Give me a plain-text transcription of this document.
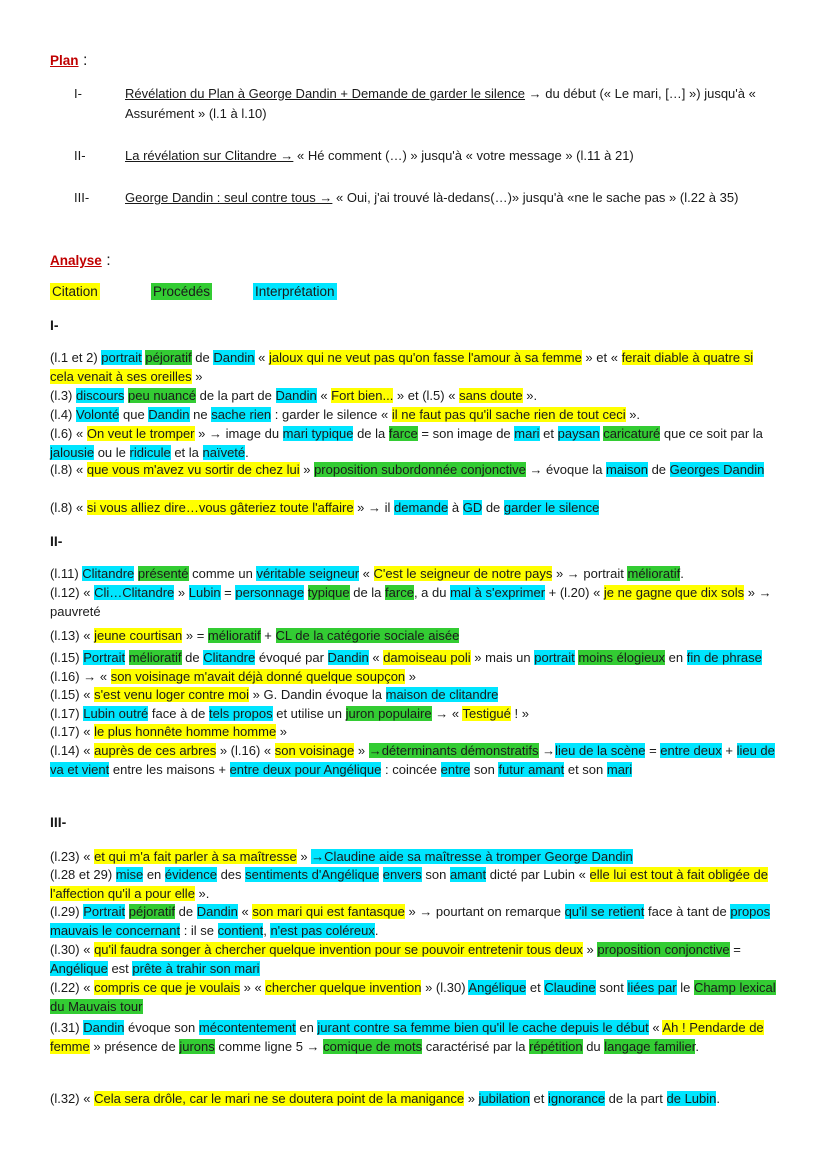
Plan :
I-	Révélation du Plan à George Dandin + Demande de garder le silence → du début (« Le mari, […] ») jusqu'à « Assurément » (l.1 à l.10)
II-	La révélation sur Clitandre → « Hé comment (…) » jusqu'à « votre message » (l.11 à 21)
III-	George Dandin : seul contre tous → « Oui, j'ai trouvé là-dedans(…)» jusqu'à «ne le sache pas » (l.22 à 35)
Analyse :
Citation	Procédés	Interprétation
I-
(l.1 et 2) portrait péjoratif de Dandin « jaloux qui ne veut pas qu'on fasse l'amour à sa femme » et « ferait diable à quatre si cela venait à ses oreilles »
(l.3) discours peu nuancé de la part de Dandin « Fort bien... » et (l.5) « sans doute ».
(l.4) Volonté que Dandin ne sache rien : garder le silence « il ne faut pas qu'il sache rien de tout ceci ».
(l.6) « On veut le tromper » → image du mari typique de la farce = son image de mari et paysan caricaturé que ce soit par la jalousie ou le ridicule et la naïveté.
(l.8) « que vous m'avez vu sortir de chez lui » proposition subordonnée conjonctive → évoque la maison de Georges Dandin
(l.8) « si vous alliez dire…vous gâteriez toute l'affaire » → il demande à GD de garder le silence
II-
(l.11) Clitandre présenté comme un véritable seigneur « C'est le seigneur de notre pays » → portrait mélioratif.
(l.12) « Cli…Clitandre » Lubin = personnage typique de la farce, a du mal à s'exprimer + (l.20) « je ne gagne que dix sols » → pauvreté
(l.13) « jeune courtisan » = mélioratif + CL de la catégorie sociale aisée
(l.15) Portrait mélioratif de Clitandre évoqué par Dandin « damoiseau poli » mais un portrait moins élogieux en fin de phrase (l.16) → « son voisinage m'avait déjà donné quelque soupçon »
(l.15) « s'est venu loger contre moi » G. Dandin évoque la maison de clitandre
(l.17) Lubin outré face à de tels propos et utilise un juron populaire → « Testigué ! »
(l.17) « le plus honnête homme homme »
(l.14) « auprès de ces arbres » (l.16) « son voisinage » →déterminants démonstratifs →lieu de la scène = entre deux + lieu de va et vient entre les maisons + entre deux pour Angélique : coincée entre son futur amant et son mari
III-
(l.23) « et qui m'a fait parler à sa maîtresse » →Claudine aide sa maîtresse à tromper George Dandin
(l.28 et 29) mise en évidence des sentiments d'Angélique envers son amant dicté par Lubin « elle lui est tout à fait obligée de l'affection qu'il a pour elle ».
(l.29) Portrait péjoratif de Dandin « son mari qui est fantasque » → pourtant on remarque qu'il se retient face à tant de propos mauvais le concernant : il se contient, n'est pas coléreux.
(l.30) « qu'il faudra songer à chercher quelque invention pour se pouvoir entretenir tous deux » proposition conjonctive = Angélique est prête à trahir son mari
(l.22) « compris ce que je voulais » « chercher quelque invention » (l.30) Angélique et Claudine sont liées par le Champ lexical du Mauvais tour
(l.31) Dandin évoque son mécontentement en jurant contre sa femme bien qu'il le cache depuis le début « Ah ! Pendarde de femme » présence de jurons comme ligne 5 → comique de mots caractérisé par la répétition du langage familier.
(l.32) « Cela sera drôle, car le mari ne se doutera point de la manigance » jubilation et ignorance de la part de Lubin.
